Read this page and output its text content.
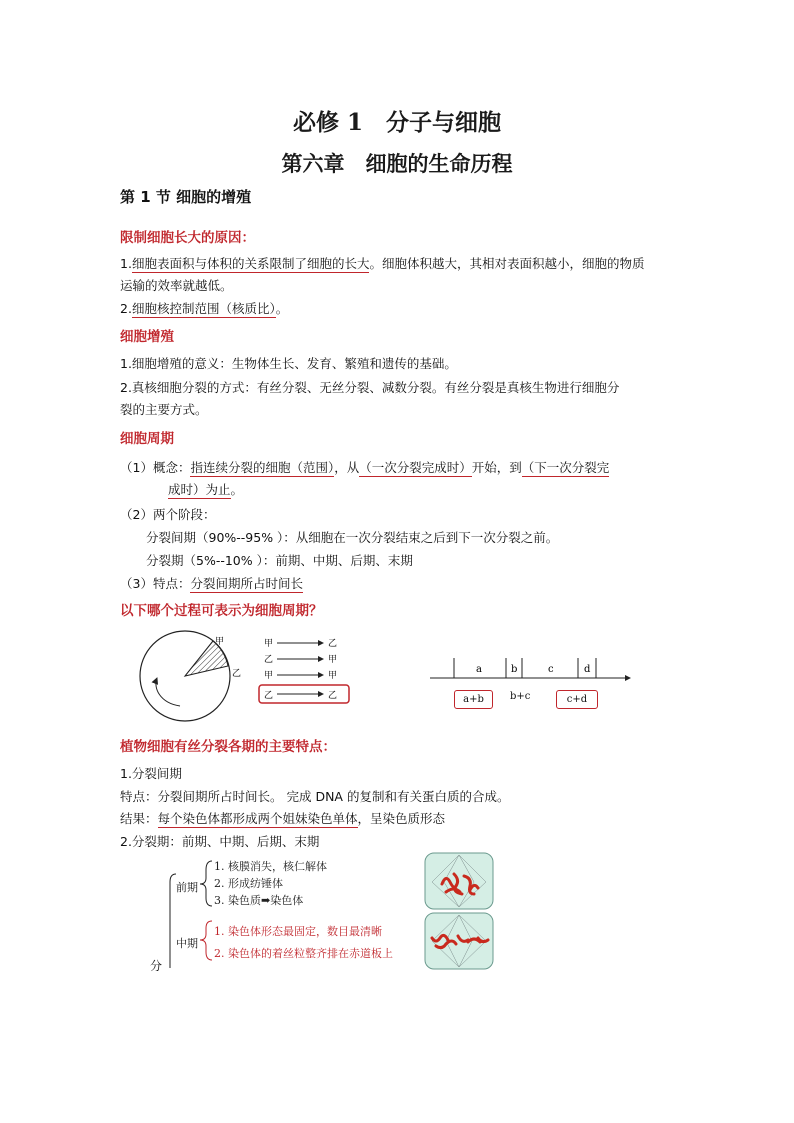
必修 1　分子与细胞
第六章　细胞的生命历程
第 1 节 细胞的增殖
限制细胞长大的原因：
1.细胞表面积与体积的关系限制了细胞的长大。细胞体积越大，其相对表面积越小，细胞的物质
运输的效率就越低。
2.细胞核控制范围（核质比）。
细胞增殖
1.细胞增殖的意义：生物体生长、发育、繁殖和遗传的基础。
2.真核细胞分裂的方式：有丝分裂、无丝分裂、减数分裂。有丝分裂是真核生物进行细胞分
裂的主要方式。
细胞周期
（1）概念：指连续分裂的细胞（范围），从（一次分裂完成时）开始，到（下一次分裂完
成时）为止。
（2）两个阶段：
分裂间期（90%--95% ）：从细胞在一次分裂结束之后到下一次分裂之前。
分裂期（5%--10% ）：前期、中期、后期、末期
（3）特点：分裂间期所占时间长
以下哪个过程可表示为细胞周期？
甲
乙
甲	乙
乙	甲
甲	甲
乙	乙
a	b	c	d
a+b	b+c	c+d
植物细胞有丝分裂各期的主要特点：
1.分裂间期
特点：分裂间期所占时间长。 完成 DNA 的复制和有关蛋白质的合成。
结果：每个染色体都形成两个姐妹染色单体，呈染色质形态
2.分裂期：前期、中期、后期、末期
分
前期
1. 核膜消失，核仁解体
2. 形成纺锤体
3. 染色质➡染色体
中期
1. 染色体形态最固定，数目最清晰
2. 染色体的着丝粒整齐排在赤道板上
